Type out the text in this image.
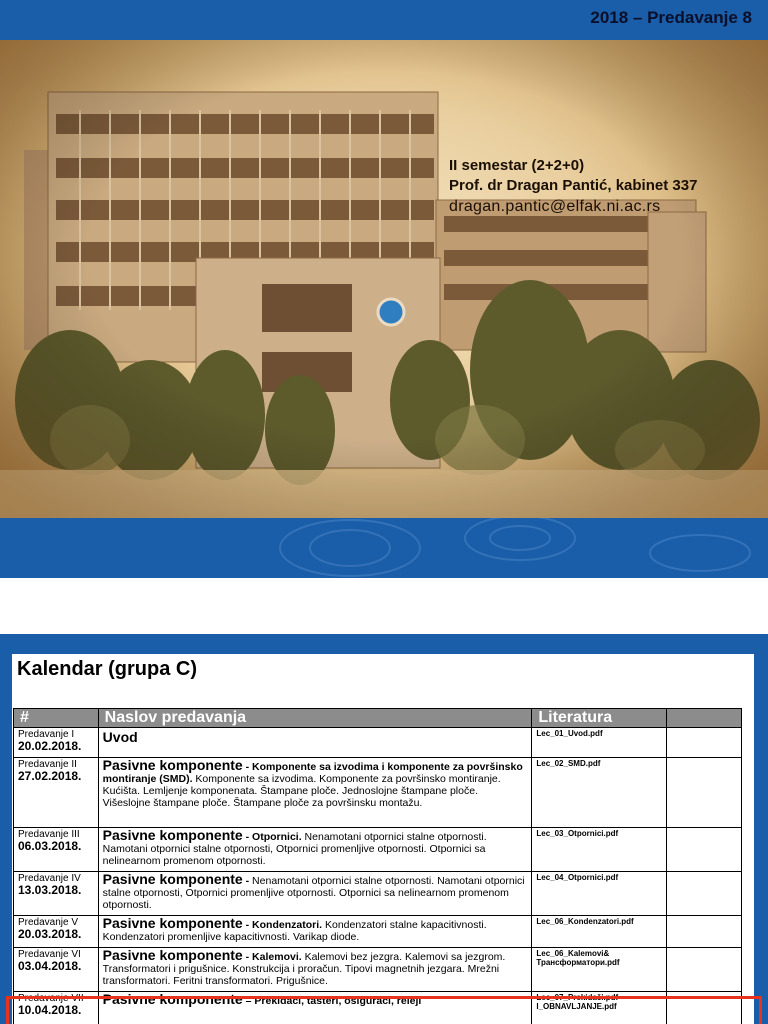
2018 – Predavanje 8
II semestar (2+2+0)
Prof. dr Dragan Pantić, kabinet 337
dragan.pantic@elfak.ni.ac.rs
Kalendar (grupa C)
#	Naslov predavanja	Literatura	

Predavanje I
20.02.2018.	Uvod	Lec_01_Uvod.pdf	

Predavanje II
27.02.2018.	Pasivne komponente - Komponente sa izvodima i komponente za površinsko montiranje (SMD). Komponente sa izvodima. Komponente za površinsko montiranje. Kućišta. Lemljenje komponenata. Štampane ploče. Jednoslojne štampane ploče. Višeslojne štampane ploče. Štampane ploče za površinsku montažu.	Lec_02_SMD.pdf	

Predavanje III
06.03.2018.	Pasivne komponente - Otpornici. Nenamotani otpornici stalne otpornosti. Namotani otpornici stalne otpornosti, Otpornici promenljive otpornosti. Otpornici sa nelinearnom promenom otpornosti.	Lec_03_Otpornici.pdf	

Predavanje IV
13.03.2018.	Pasivne komponente - Nenamotani otpornici stalne otpornosti. Namotani otpornici stalne otpornosti, Otpornici promenljive otpornosti. Otpornici sa nelinearnom promenom otpornosti.	Lec_04_Otpornici.pdf	

Predavanje V
20.03.2018.	Pasivne komponente - Kondenzatori. Kondenzatori stalne kapacitivnosti. Kondenzatori promenljive kapacitivnosti. Varikap diode.	Lec_06_Kondenzatori.pdf	

Predavanje VI
03.04.2018.	Pasivne komponente - Kalemovi. Kalemovi bez jezgra. Kalemovi sa jezgrom. Transformatori i prigušnice. Konstrukcija i proračun. Tipovi magnetnih jezgara. Mrežni transformatori. Feritni transformatori. Prigušnice.	Lec_06_Kalemovi& Трансформатори.pdf	

Predavanje VII
10.04.2018.	Pasivne komponente – Prekidači, tasteri, osigurači, releji	Lec_07_Prekidači.pdf I_OBNAVLJANJE.pdf	
